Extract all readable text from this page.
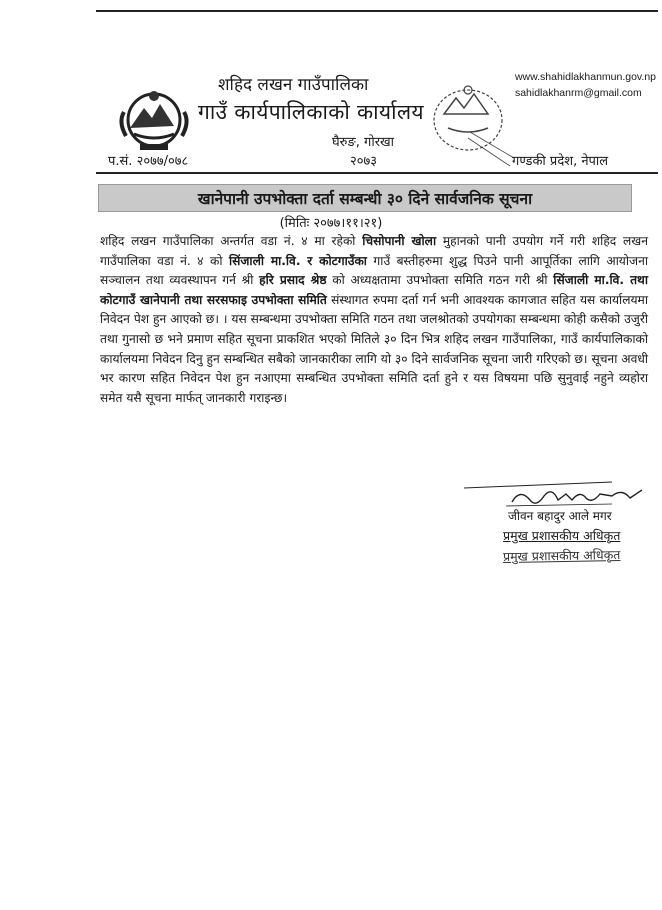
शहिद लखन गाउँपालिका
गाउँ कार्यपालिकाको कार्यालय
घैरुङ, गोरखा
www.shahidlakhanmun.gov.np
sahidlakhanrm@gmail.com
प.सं. २०७७/०७८	२०७३	गण्डकी प्रदेश, नेपाल
खानेपानी उपभोक्ता दर्ता सम्बन्धी ३० दिने सार्वजनिक सूचना
(मितिः २०७७।११।२१)
शहिद लखन गाउँपालिका अन्तर्गत वडा नं. ४ मा रहेको चिसोपानी खोला मुहानको पानी उपयोग गर्ने गरी शहिद लखन गाउँपालिका वडा नं. ४ को सिंजाली मा.वि. र कोटगाउँका गाउँ बस्तीहरुमा शुद्ध पिउने पानी आपूर्तिका लागि आयोजना सञ्चालन तथा व्यवस्थापन गर्न श्री हरि प्रसाद श्रेष्ठ को अध्यक्षतामा उपभोक्ता समिति गठन गरी श्री सिंजाली मा.वि. तथा कोटगाउँ खानेपानी तथा सरसफाइ उपभोक्ता समिति संस्थागत रुपमा दर्ता गर्न भनी आवश्यक कागजात सहित यस कार्यालयमा निवेदन पेश हुन आएको छ। । यस सम्बन्धमा उपभोक्ता समिति गठन तथा जलश्रोतको उपयोगका सम्बन्धमा कोही कसैको उजुरी तथा गुनासो छ भने प्रमाण सहित सूचना प्राकशित भएको मितिले ३० दिन भित्र शहिद लखन गाउँपालिका, गाउँ कार्यपालिकाको कार्यालयमा निवेदन दिनु हुन सम्बन्धित सबैको जानकारीका लागि यो ३० दिने सार्वजनिक सूचना जारी गरिएको छ। सूचना अवधी भर कारण सहित निवेदन पेश हुन नआएमा सम्बन्धित उपभोक्ता समिति दर्ता हुने र यस विषयमा पछि सुनुवाई नहुने व्यहोरा समेत यसै सूचना मार्फत् जानकारी गराइन्छ।
जीवन बहादुर आले मगर
प्रमुख प्रशासकीय अधिकृत
प्रमुख प्रशासकीय अधिकृत
